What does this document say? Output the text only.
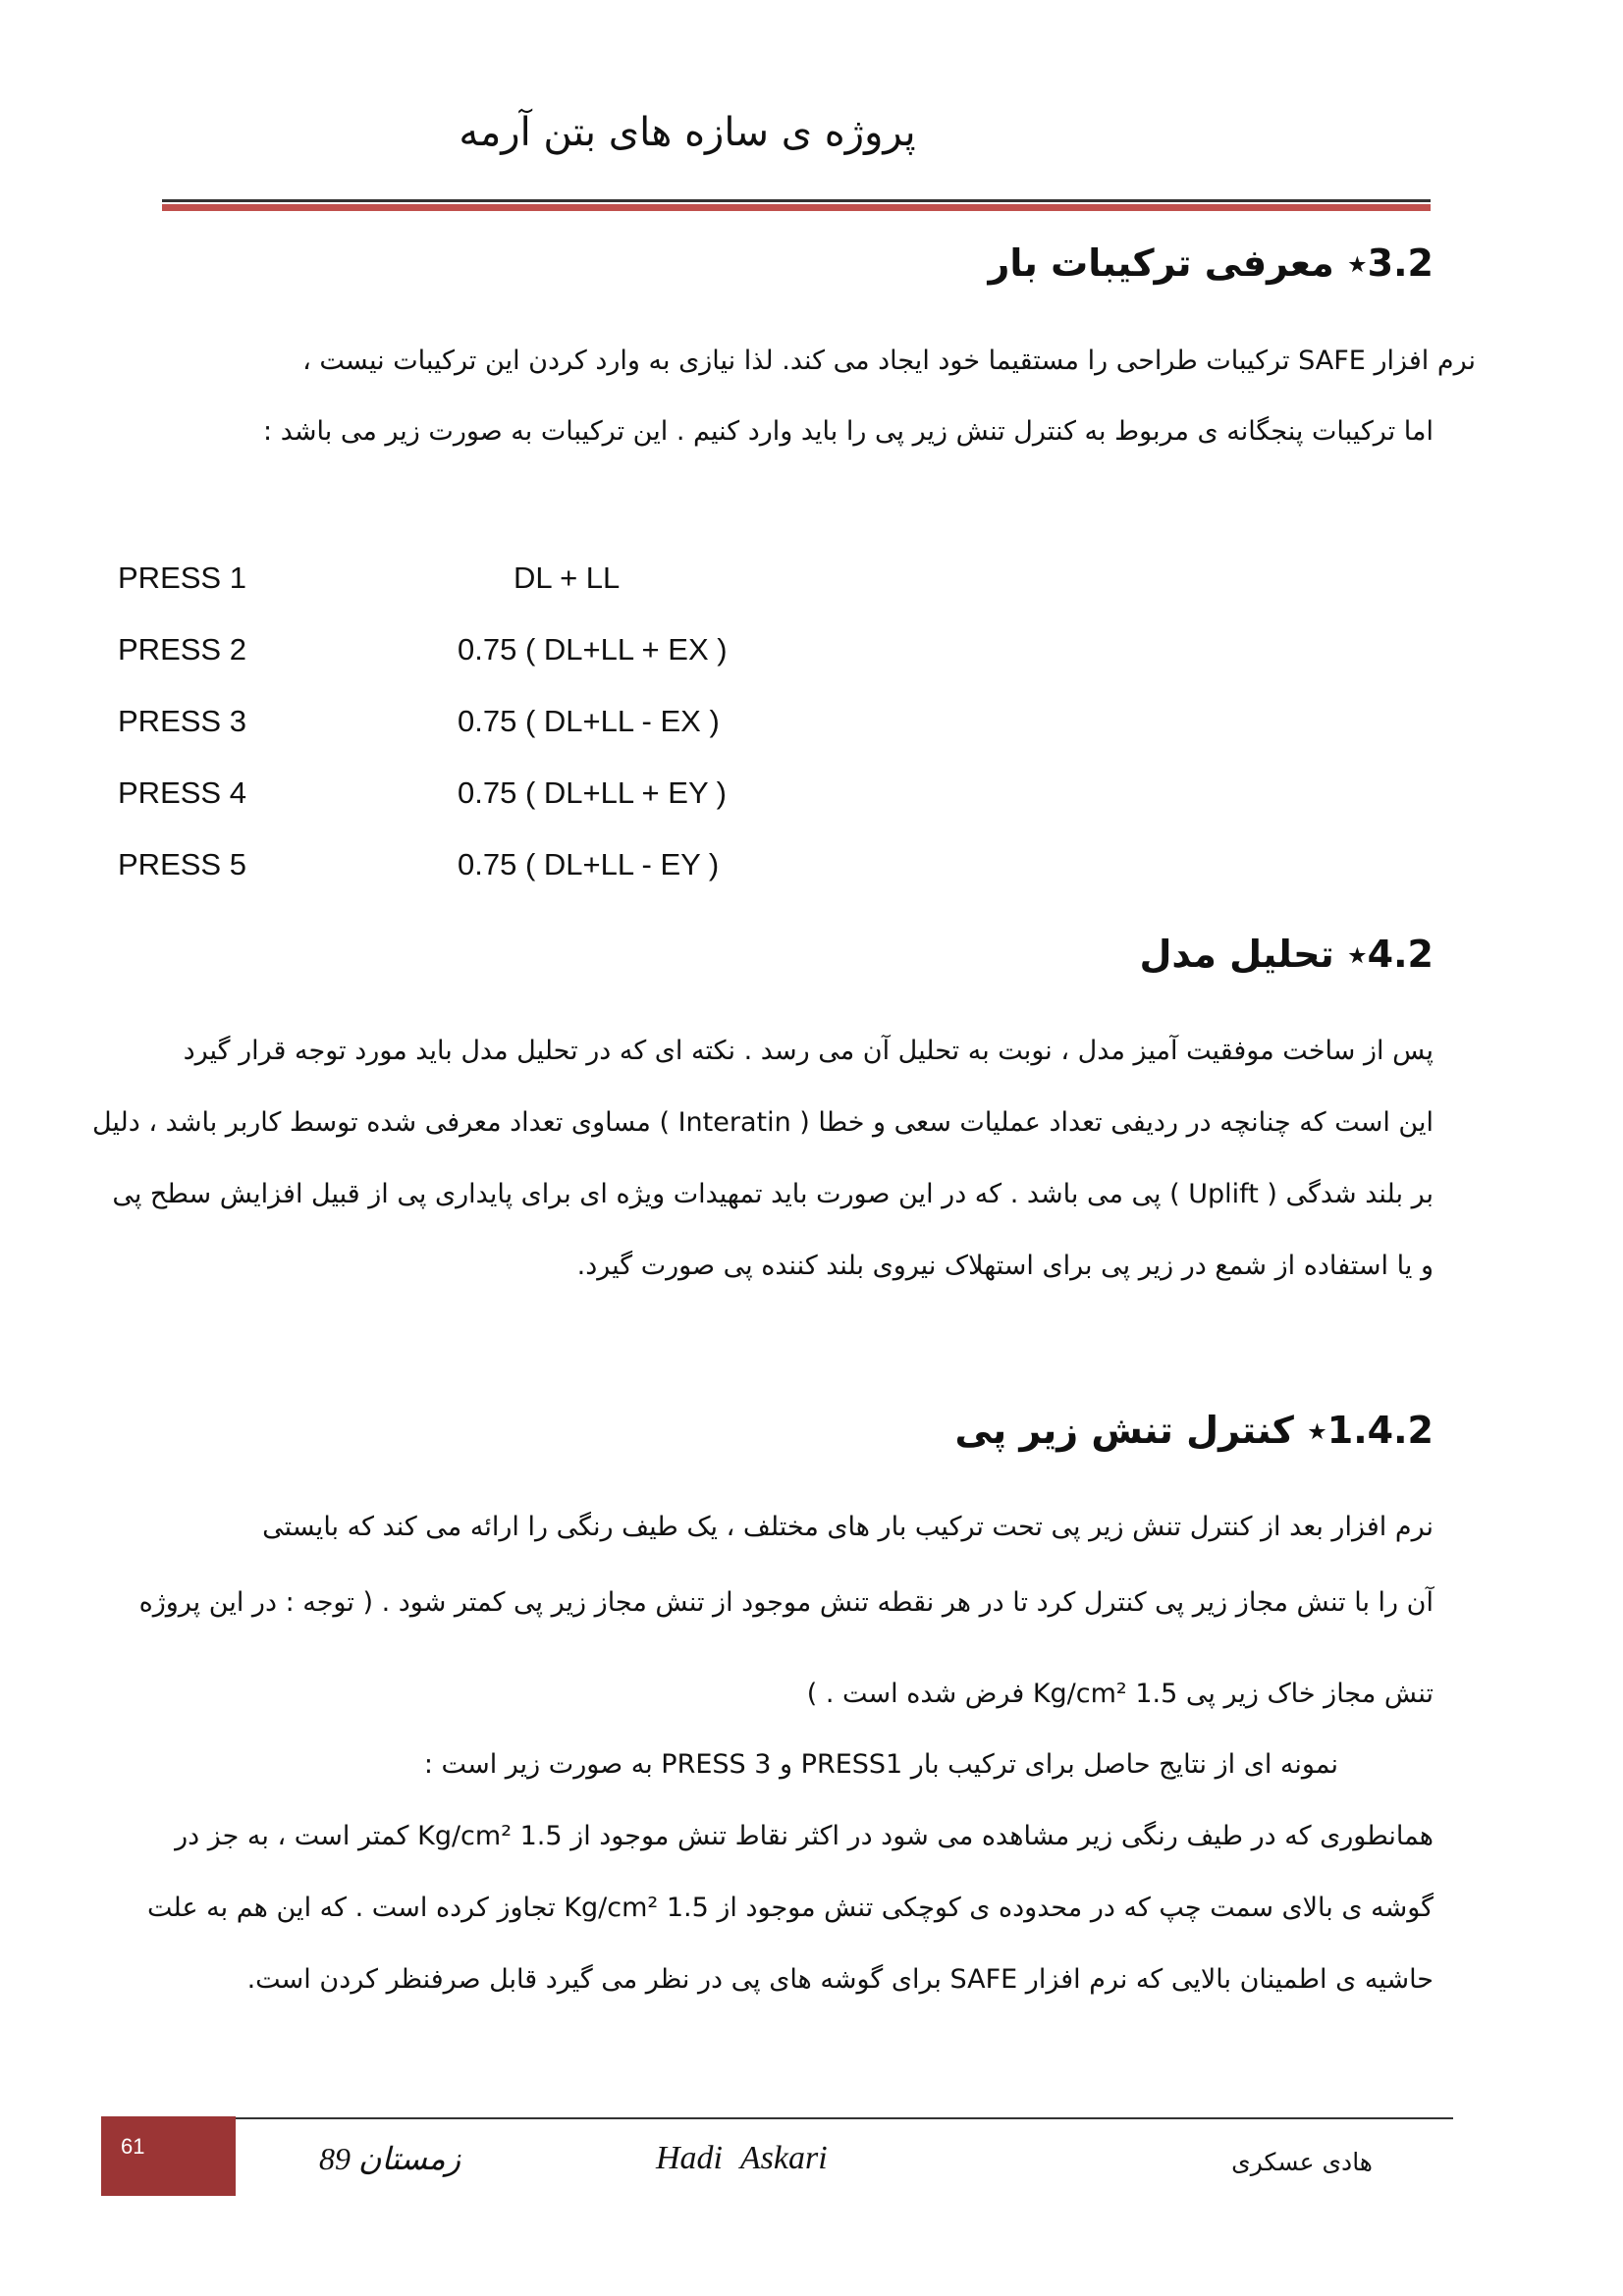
پروژه ی سازه های بتن آرمه
3.2٭ معرفی ترکیبات بار
نرم افزار SAFE ترکیبات طراحی را مستقیما خود ایجاد می کند. لذا نیازی به وارد کردن این ترکیبات نیست ،
اما ترکیبات پنجگانه ی مربوط به کنترل تنش زیر پی را باید وارد کنیم . این ترکیبات به صورت زیر می باشد :
PRESS 1	DL + LL
PRESS 2	0.75 ( DL+LL + EX )
PRESS 3	0.75 ( DL+LL - EX )
PRESS 4	0.75 ( DL+LL + EY )
PRESS 5	0.75 ( DL+LL - EY )
4.2٭ تحلیل مدل
پس از ساخت موفقیت آمیز مدل ، نوبت به تحلیل آن می رسد . نکته ای که در تحلیل مدل باید مورد توجه قرار گیرد
این است که چنانچه در ردیفی تعداد عملیات سعی و خطا ( Interatin ) مساوی تعداد معرفی شده توسط کاربر باشد ، دلیل
بر بلند شدگی ( Uplift ) پی می باشد . که در این صورت باید تمهیدات ویژه ای برای پایداری پی از قبیل افزایش سطح پی
و یا استفاده از شمع در زیر پی برای استهلاک نیروی بلند کننده پی صورت گیرد.
1.4.2٭ کنترل تنش زیر پی
نرم افزار بعد از کنترل تنش زیر پی تحت ترکیب بار های مختلف ، یک طیف رنگی را ارائه می کند که بایستی
آن را با تنش مجاز زیر پی کنترل کرد تا در هر نقطه تنش موجود از تنش مجاز زیر پی کمتر شود . ( توجه : در این پروژه
تنش مجاز خاک زیر پی 1.5 Kg/cm² فرض شده است . )
نمونه ای از نتایج حاصل برای ترکیب بار PRESS1 و PRESS 3 به صورت زیر است :
همانطوری که در طیف رنگی زیر مشاهده می شود در اکثر نقاط تنش موجود از 1.5 Kg/cm² کمتر است ، به جز در
گوشه ی بالای سمت چپ که در محدوده ی کوچکی تنش موجود از 1.5 Kg/cm² تجاوز کرده است . که این هم به علت
حاشیه ی اطمینان بالایی که نرم افزار SAFE برای گوشه های پی در نظر می گیرد قابل صرفنظر کردن است.
61	زمستان 89	Hadi Askari	هادی عسکری
